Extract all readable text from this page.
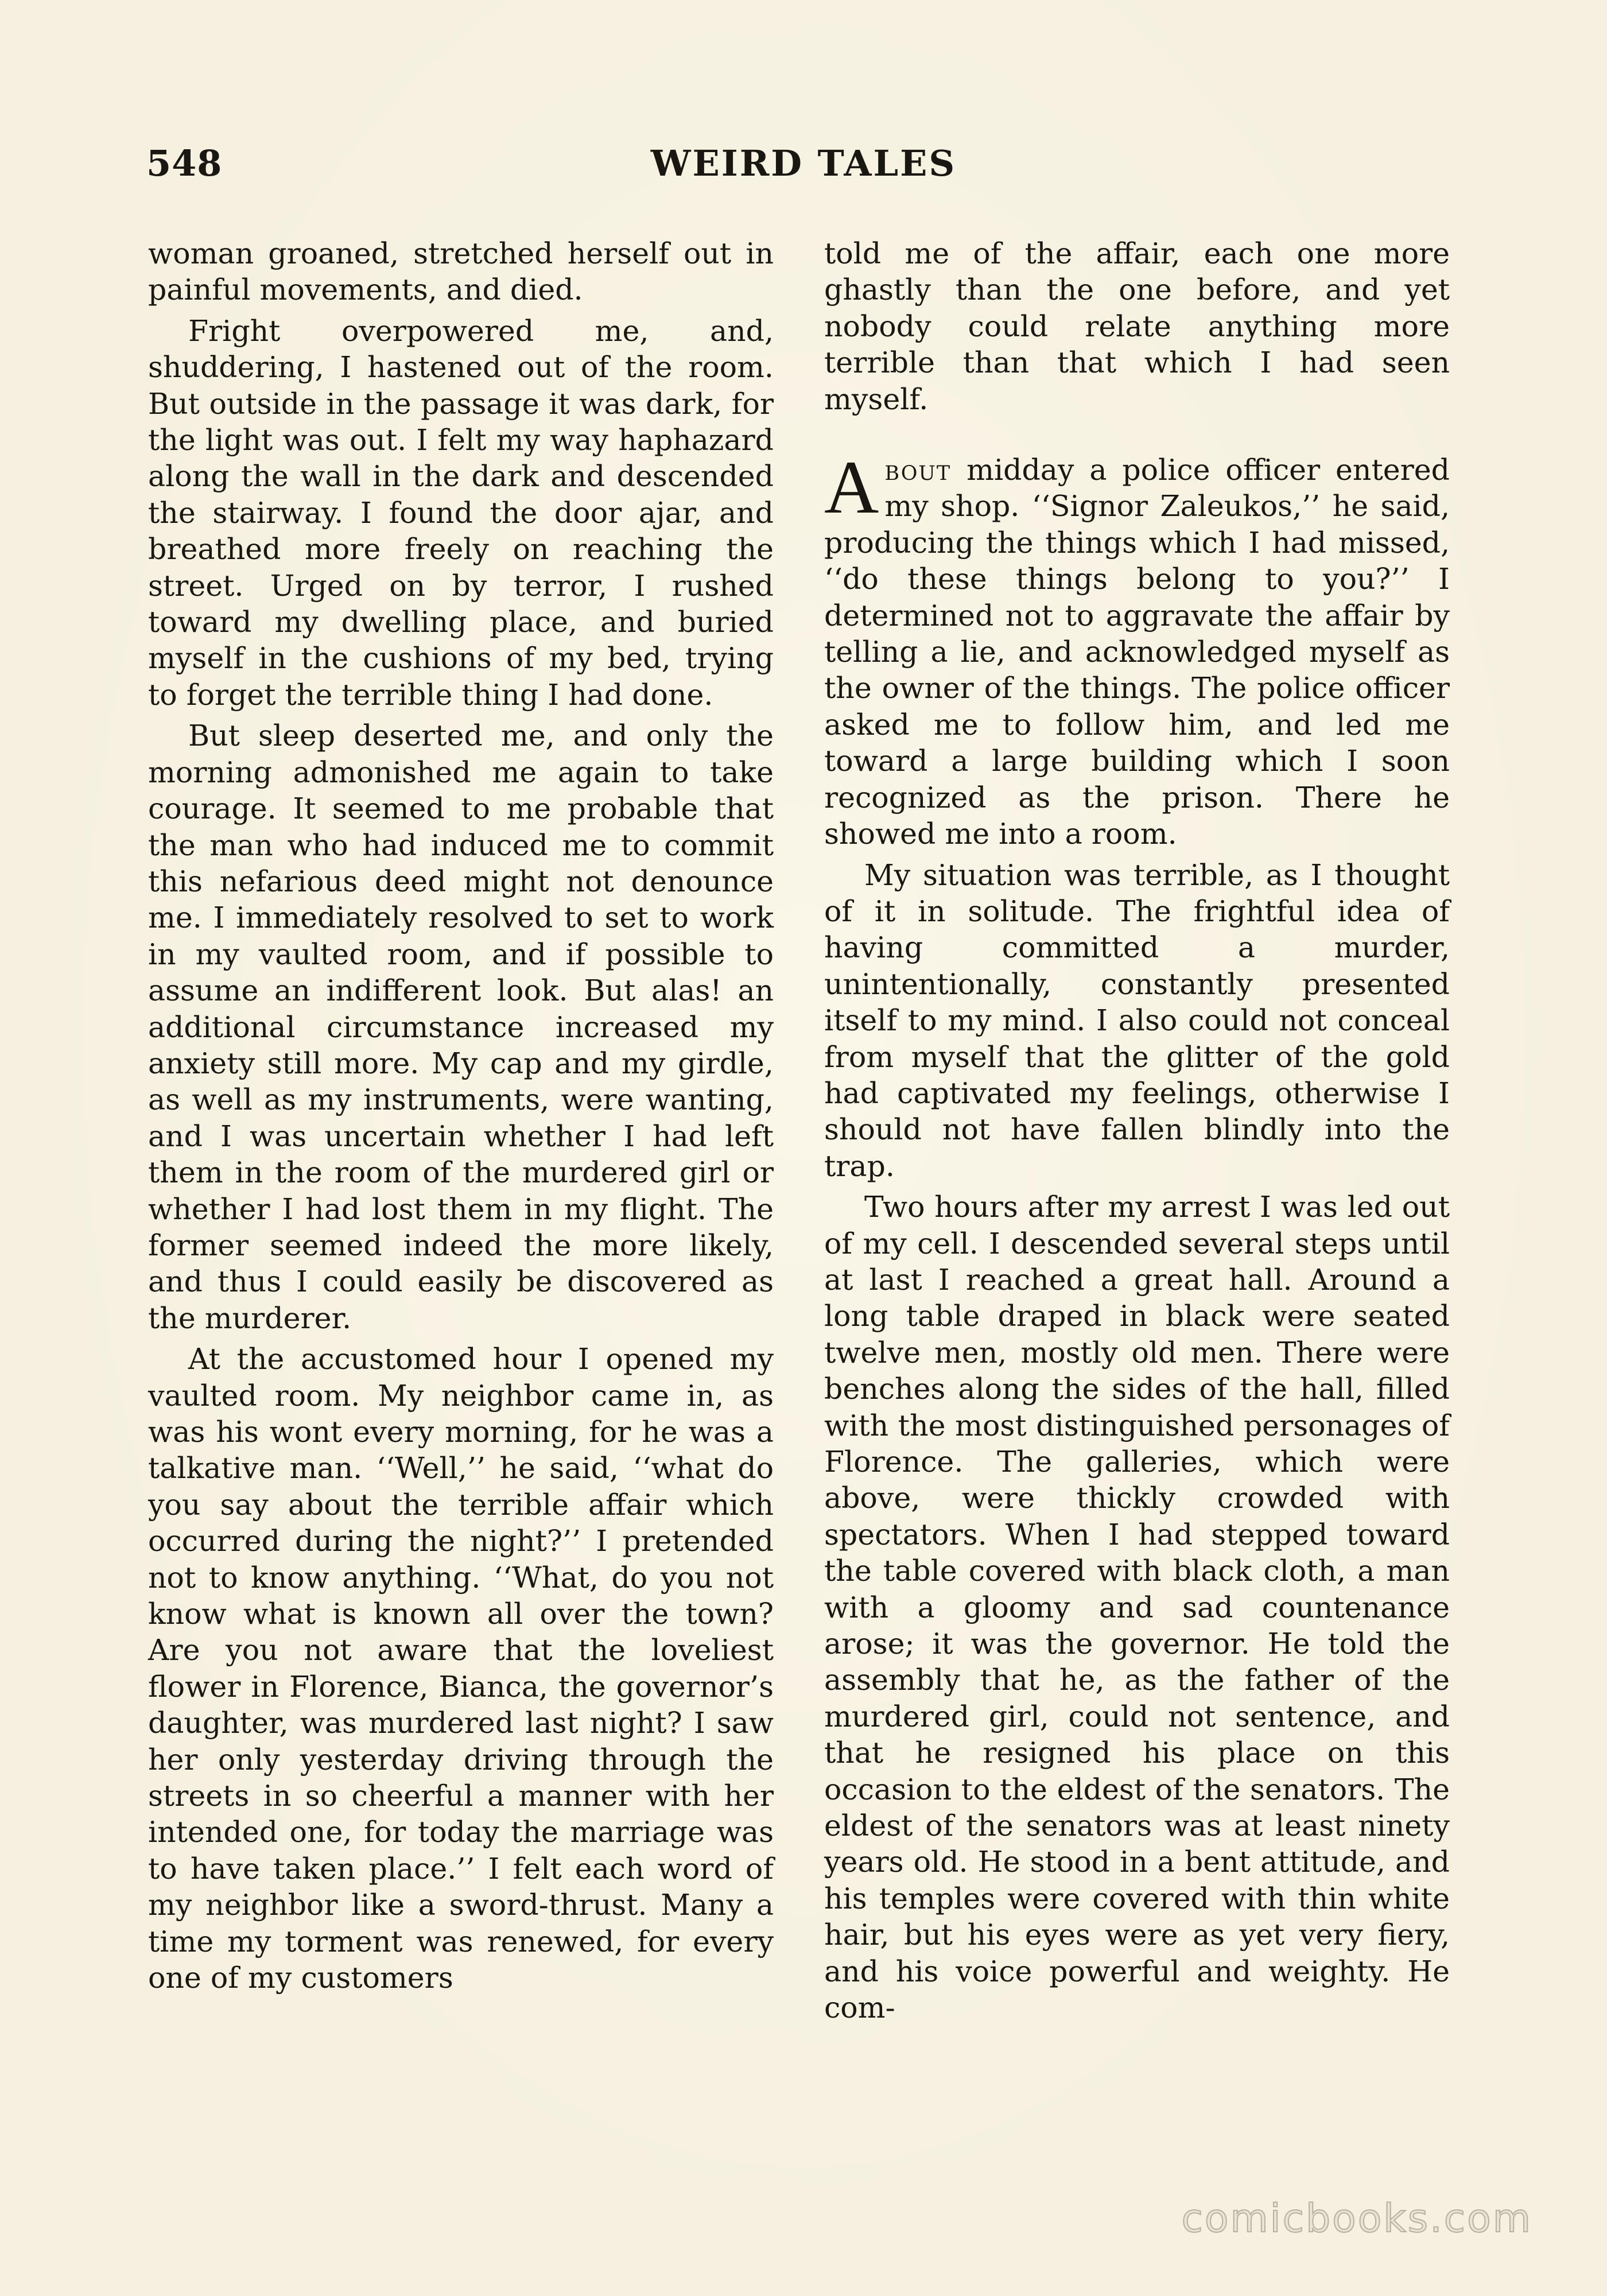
548	WEIRD TALES

woman groaned, stretched herself out in painful movements, and died.

Fright overpowered me, and, shuddering, I hastened out of the room. But outside in the passage it was dark, for the light was out. I felt my way haphazard along the wall in the dark and descended the stairway. I found the door ajar, and breathed more freely on reaching the street. Urged on by terror, I rushed toward my dwelling place, and buried myself in the cushions of my bed, trying to forget the terrible thing I had done.

But sleep deserted me, and only the morning admonished me again to take courage. It seemed to me probable that the man who had induced me to commit this nefarious deed might not denounce me. I immediately resolved to set to work in my vaulted room, and if possible to assume an indifferent look. But alas! an additional circumstance increased my anxiety still more. My cap and my girdle, as well as my instruments, were wanting, and I was uncertain whether I had left them in the room of the murdered girl or whether I had lost them in my flight. The former seemed indeed the more likely, and thus I could easily be discovered as the murderer.

At the accustomed hour I opened my vaulted room. My neighbor came in, as was his wont every morning, for he was a talkative man. ‘‘Well,’’ he said, ‘‘what do you say about the terrible affair which occurred during the night?’’ I pretended not to know anything. ‘‘What, do you not know what is known all over the town? Are you not aware that the loveliest flower in Florence, Bianca, the governor’s daughter, was murdered last night? I saw her only yesterday driving through the streets in so cheerful a manner with her intended one, for today the marriage was to have taken place.’’ I felt each word of my neighbor like a sword-thrust. Many a time my torment was renewed, for every one of my customers

told me of the affair, each one more ghastly than the one before, and yet nobody could relate anything more terrible than that which I had seen myself.

About midday a police officer entered my shop. ‘‘Signor Zaleukos,’’ he said, producing the things which I had missed, ‘‘do these things belong to you?’’ I determined not to aggravate the affair by telling a lie, and acknowledged myself as the owner of the things. The police officer asked me to follow him, and led me toward a large building which I soon recognized as the prison. There he showed me into a room.

My situation was terrible, as I thought of it in solitude. The frightful idea of having committed a murder, unintentionally, constantly presented itself to my mind. I also could not conceal from myself that the glitter of the gold had captivated my feelings, otherwise I should not have fallen blindly into the trap.

Two hours after my arrest I was led out of my cell. I descended several steps until at last I reached a great hall. Around a long table draped in black were seated twelve men, mostly old men. There were benches along the sides of the hall, filled with the most distinguished personages of Florence. The galleries, which were above, were thickly crowded with spectators. When I had stepped toward the table covered with black cloth, a man with a gloomy and sad countenance arose; it was the governor. He told the assembly that he, as the father of the murdered girl, could not sentence, and that he resigned his place on this occasion to the eldest of the senators. The eldest of the senators was at least ninety years old. He stood in a bent attitude, and his temples were covered with thin white hair, but his eyes were as yet very fiery, and his voice powerful and weighty. He com-

comicbooks.com
